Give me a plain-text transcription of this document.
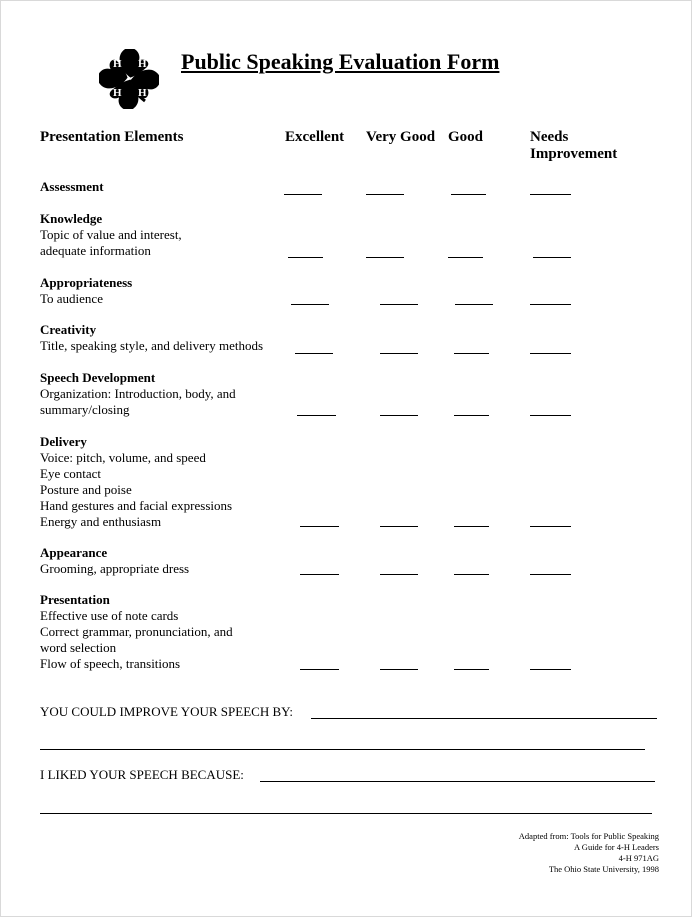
H H
H H
Public Speaking Evaluation Form
Presentation Elements	Excellent Very Good Good	Needs
Improvement
Assessment
Knowledge
Topic of value and interest,
adequate information
Appropriateness
To audience
Creativity
Title, speaking style, and delivery methods
Speech Development
Organization: Introduction, body, and
summary/closing
Delivery
Voice: pitch, volume, and speed
Eye contact
Posture and poise
Hand gestures and facial expressions
Energy and enthusiasm
Appearance
Grooming, appropriate dress
Presentation
Effective use of note cards
Correct grammar, pronunciation, and
word selection
Flow of speech, transitions
YOU COULD IMPROVE YOUR SPEECH BY:
I LIKED YOUR SPEECH BECAUSE:
Adapted from: Tools for Public Speaking
A Guide for 4-H Leaders
4-H 971AG
The Ohio State University, 1998
